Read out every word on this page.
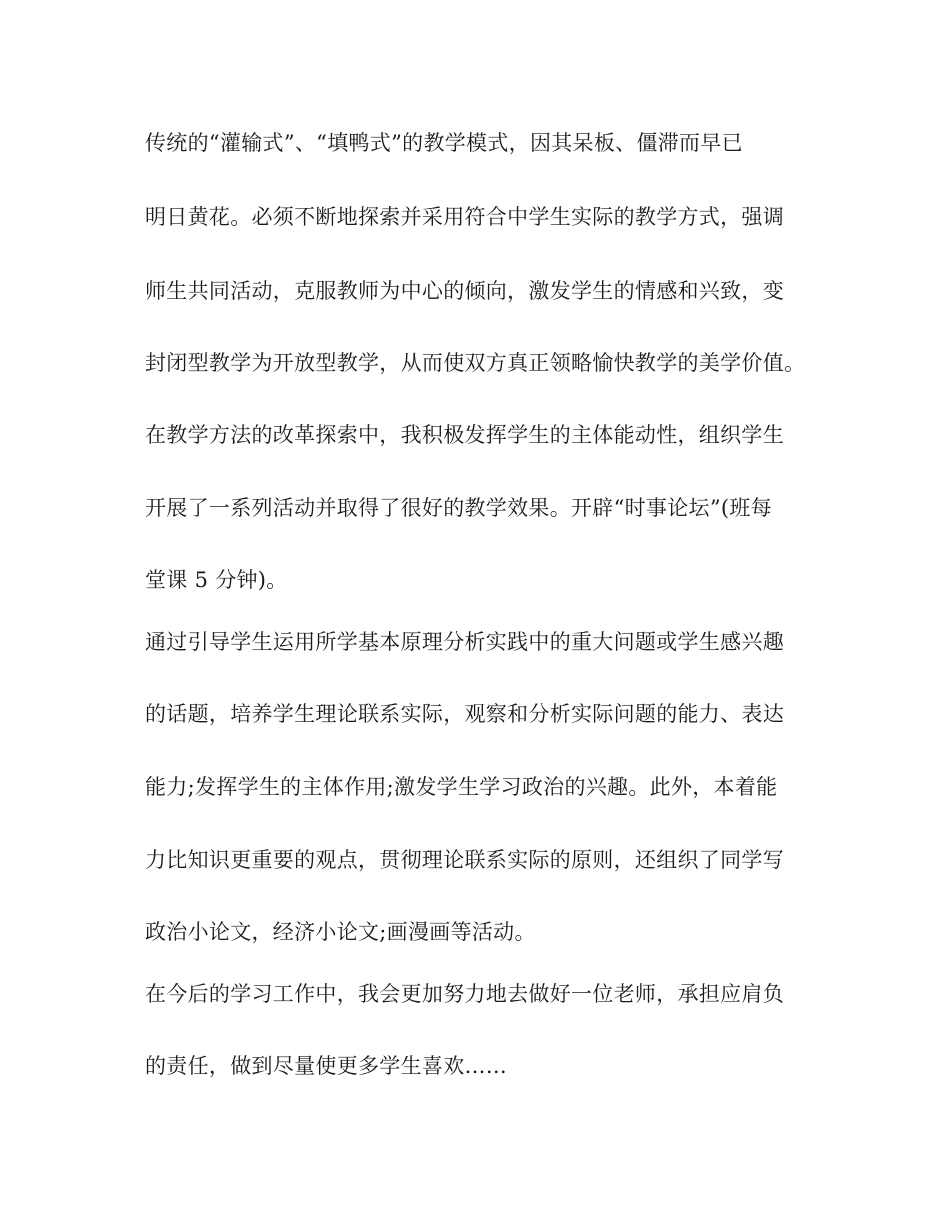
传统的“灌输式”、“填鸭式”的教学模式，因其呆板、僵滞而早已
明日黄花。必须不断地探索并采用符合中学生实际的教学方式，强调
师生共同活动，克服教师为中心的倾向，激发学生的情感和兴致，变
封闭型教学为开放型教学，从而使双方真正领略愉快教学的美学价值。
在教学方法的改革探索中，我积极发挥学生的主体能动性，组织学生
开展了一系列活动并取得了很好的教学效果。开辟“时事论坛”(班每
堂课 5 分钟)。
通过引导学生运用所学基本原理分析实践中的重大问题或学生感兴趣
的话题，培养学生理论联系实际，观察和分析实际问题的能力、表达
能力;发挥学生的主体作用;激发学生学习政治的兴趣。此外，本着能
力比知识更重要的观点，贯彻理论联系实际的原则，还组织了同学写
政治小论文，经济小论文;画漫画等活动。
在今后的学习工作中，我会更加努力地去做好一位老师，承担应肩负
的责任，做到尽量使更多学生喜欢……
